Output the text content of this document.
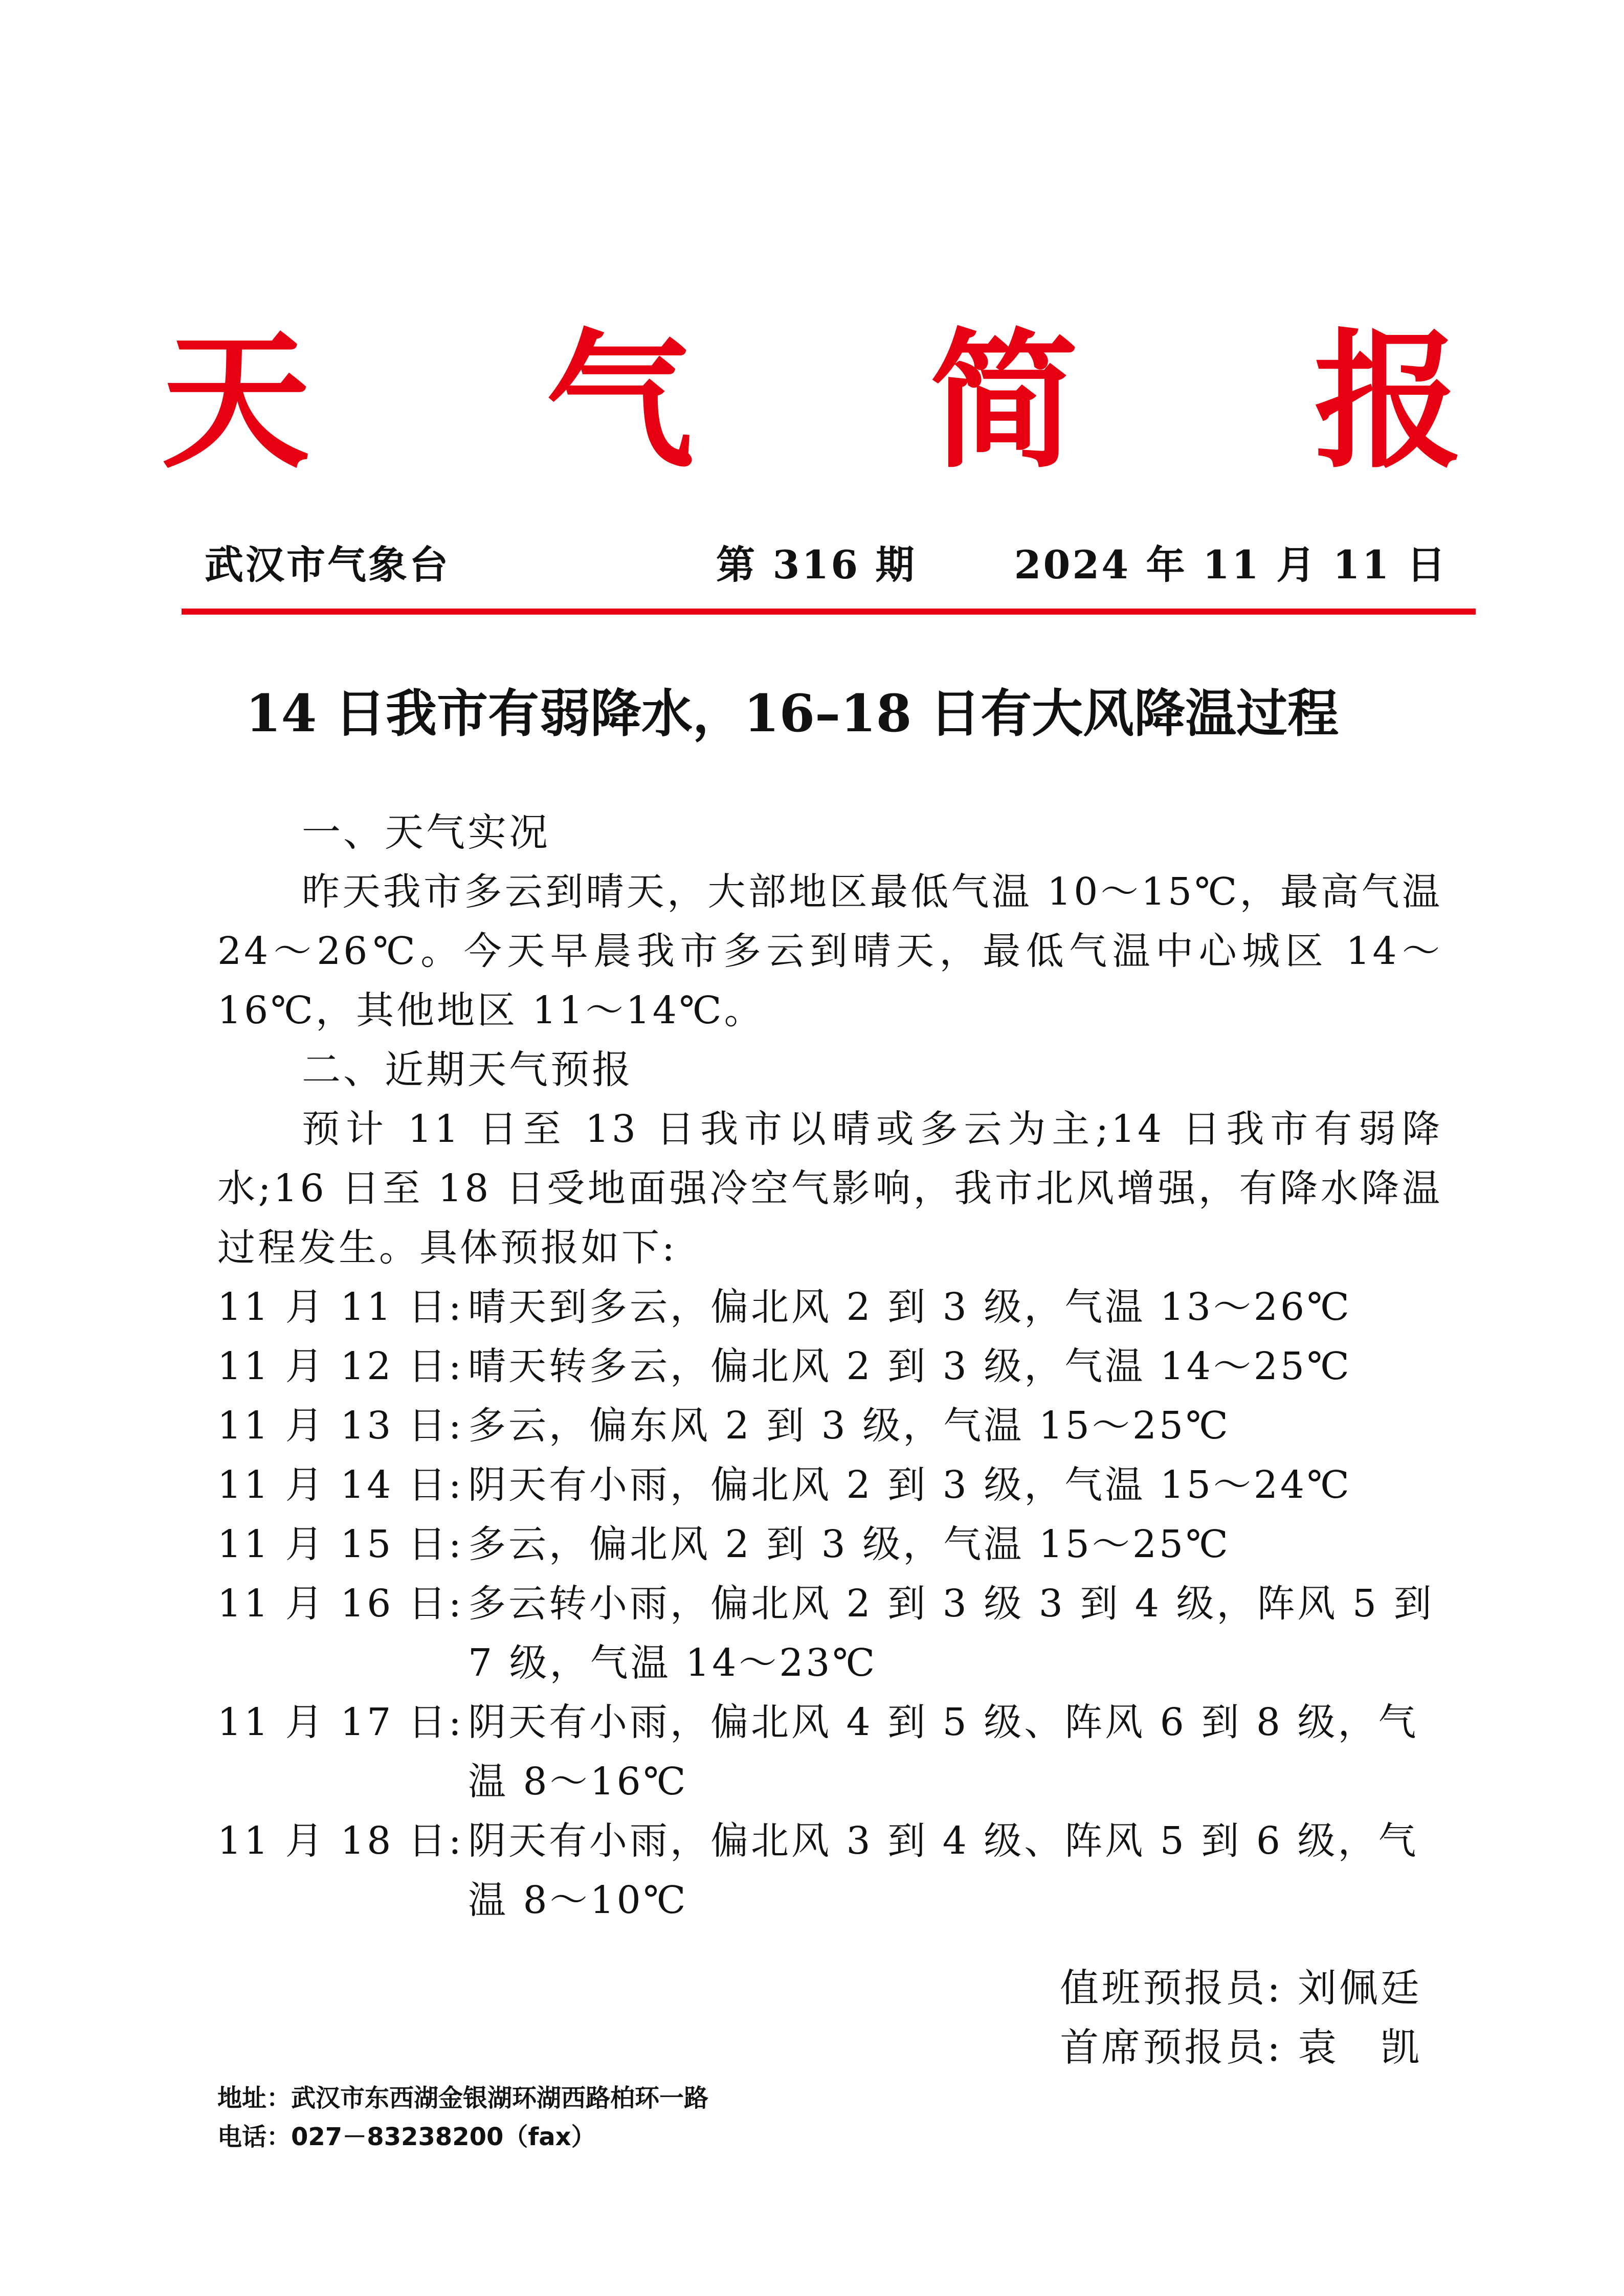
天 气 简 报
武汉市气象台	第 316 期	2024 年 11 月 11 日
14 日我市有弱降水，16–18 日有大风降温过程
一、天气实况
昨天我市多云到晴天，大部地区最低气温 10～15℃，最高气温 24～26℃。今天早晨我市多云到晴天，最低气温中心城区 14～16℃，其他地区 11～14℃。
二、近期天气预报
预计 11 日至 13 日我市以晴或多云为主;14 日我市有弱降水;16 日至 18 日受地面强冷空气影响，我市北风增强，有降水降温过程发生。具体预报如下:
11 月 11 日: 晴天到多云，偏北风 2 到 3 级，气温 13～26℃
11 月 12 日: 晴天转多云，偏北风 2 到 3 级，气温 14～25℃
11 月 13 日: 多云，偏东风 2 到 3 级，气温 15～25℃
11 月 14 日: 阴天有小雨，偏北风 2 到 3 级，气温 15～24℃
11 月 15 日: 多云，偏北风 2 到 3 级，气温 15～25℃
11 月 16 日: 多云转小雨，偏北风 2 到 3 级 3 到 4 级，阵风 5 到 7 级，气温 14～23℃
11 月 17 日: 阴天有小雨，偏北风 4 到 5 级、阵风 6 到 8 级，气温 8～16℃
11 月 18 日: 阴天有小雨，偏北风 3 到 4 级、阵风 5 到 6 级，气温 8～10℃
值班预报员: 刘佩廷
首席预报员: 袁　凯
地址：武汉市东西湖金银湖环湖西路柏环一路
电话：027－83238200（fax）
